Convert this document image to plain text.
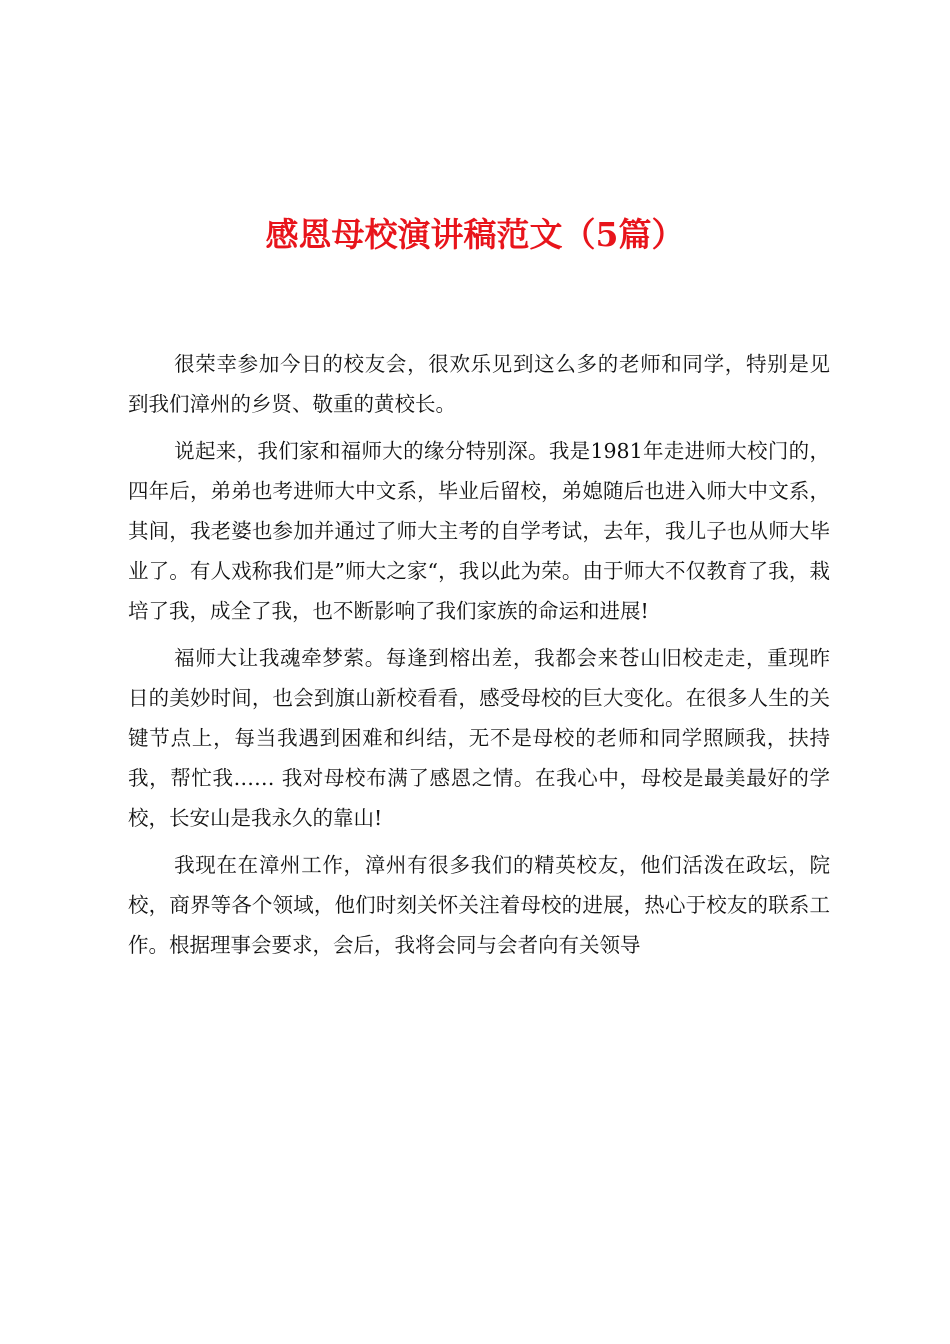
感恩母校演讲稿范文（5篇）

很荣幸参加今日的校友会，很欢乐见到这么多的老师和同学，特别是见到我们漳州的乡贤、敬重的黄校长。

说起来，我们家和福师大的缘分特别深。我是1981年走进师大校门的，四年后，弟弟也考进师大中文系，毕业后留校，弟媳随后也进入师大中文系，其间，我老婆也参加并通过了师大主考的自学考试，去年，我儿子也从师大毕业了。有人戏称我们是”师大之家“，我以此为荣。由于师大不仅教育了我，栽培了我，成全了我，也不断影响了我们家族的命运和进展!

福师大让我魂牵梦萦。每逢到榕出差，我都会来苍山旧校走走，重现昨日的美妙时间，也会到旗山新校看看，感受母校的巨大变化。在很多人生的关键节点上，每当我遇到困难和纠结，无不是母校的老师和同学照顾我，扶持我，帮忙我…… 我对母校布满了感恩之情。在我心中，母校是最美最好的学校，长安山是我永久的靠山!

我现在在漳州工作，漳州有很多我们的精英校友，他们活泼在政坛，院校，商界等各个领域，他们时刻关怀关注着母校的进展，热心于校友的联系工作。根据理事会要求，会后，我将会同与会者向有关领导
